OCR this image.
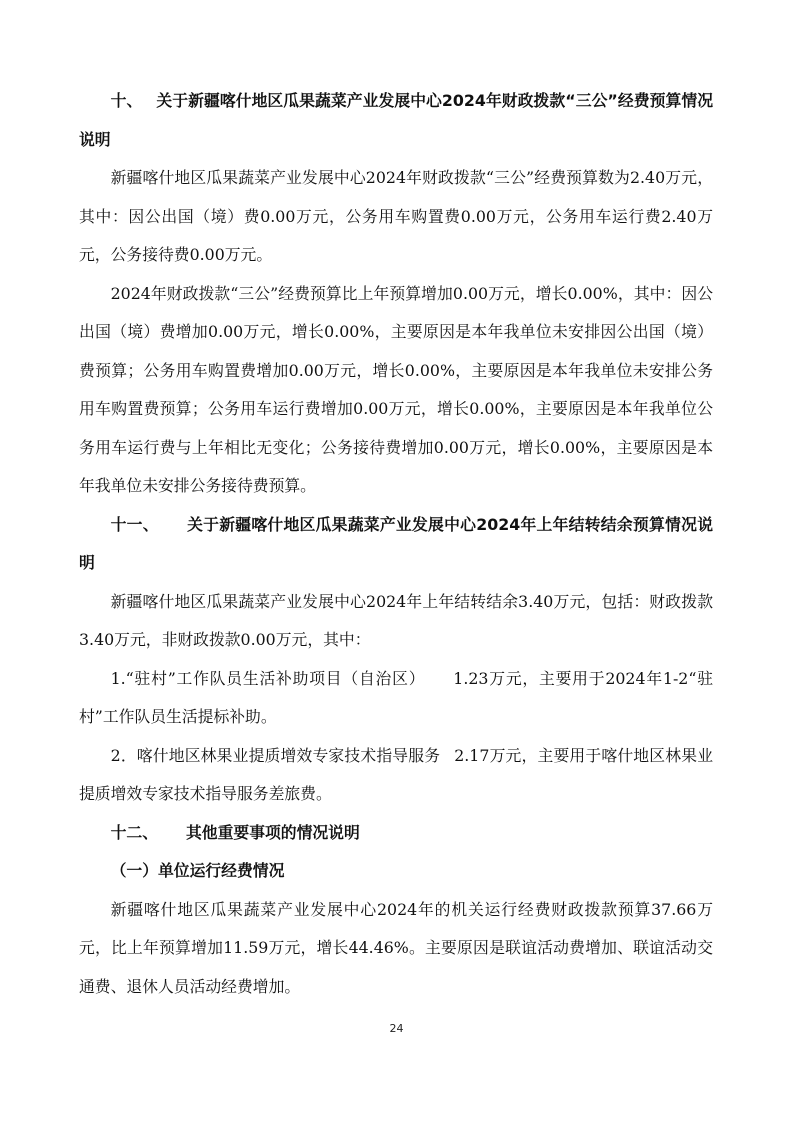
十、 关于新疆喀什地区瓜果蔬菜产业发展中心2024年财政拨款“三公”经费预算情况说明

新疆喀什地区瓜果蔬菜产业发展中心2024年财政拨款“三公”经费预算数为2.40万元，其中：因公出国（境）费0.00万元，公务用车购置费0.00万元，公务用车运行费2.40万元，公务接待费0.00万元。

2024年财政拨款“三公”经费预算比上年预算增加0.00万元，增长0.00%，其中：因公出国（境）费增加0.00万元，增长0.00%，主要原因是本年我单位未安排因公出国（境）费预算；公务用车购置费增加0.00万元，增长0.00%，主要原因是本年我单位未安排公务用车购置费预算；公务用车运行费增加0.00万元，增长0.00%，主要原因是本年我单位公务用车运行费与上年相比无变化；公务接待费增加0.00万元，增长0.00%，主要原因是本年我单位未安排公务接待费预算。

十一、 关于新疆喀什地区瓜果蔬菜产业发展中心2024年上年结转结余预算情况说明

新疆喀什地区瓜果蔬菜产业发展中心2024年上年结转结余3.40万元，包括：财政拨款3.40万元，非财政拨款0.00万元，其中：

1.“驻村”工作队员生活补助项目（自治区） 1.23万元，主要用于2024年1-2“驻村”工作队员生活提标补助。

2．喀什地区林果业提质增效专家技术指导服务 2.17万元，主要用于喀什地区林果业提质增效专家技术指导服务差旅费。

十二、 其他重要事项的情况说明

（一）单位运行经费情况

新疆喀什地区瓜果蔬菜产业发展中心2024年的机关运行经费财政拨款预算37.66万元，比上年预算增加11.59万元，增长44.46%。主要原因是联谊活动费增加、联谊活动交通费、退休人员活动经费增加。

24
